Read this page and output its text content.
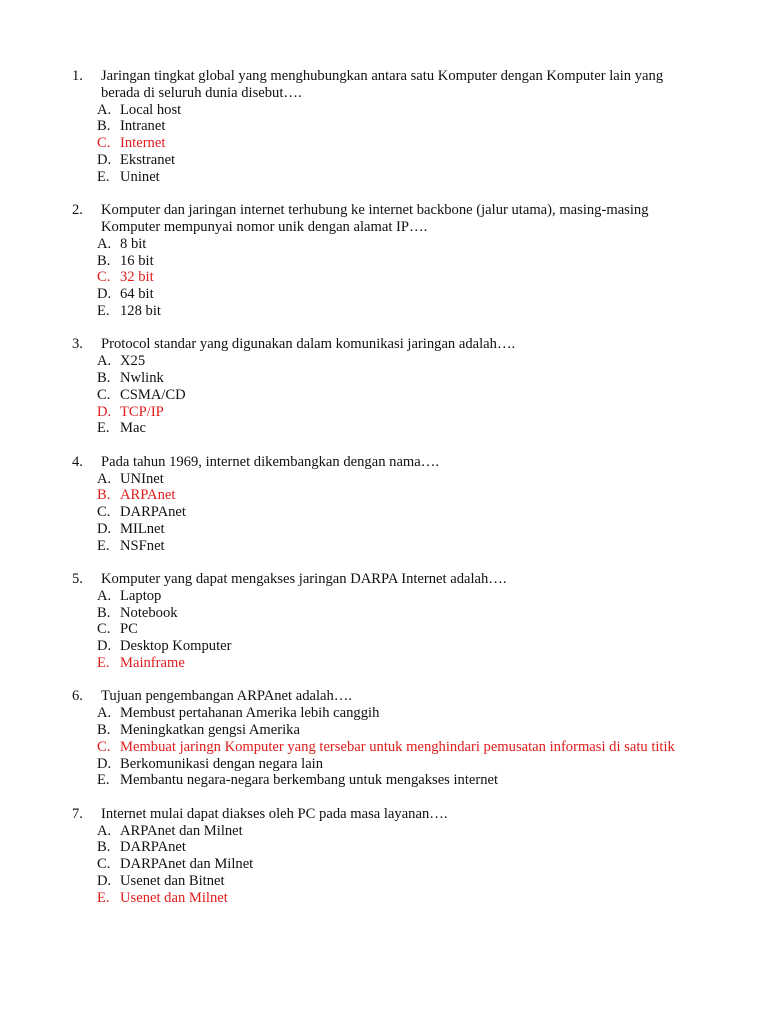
1. Jaringan tingkat global yang menghubungkan antara satu Komputer dengan Komputer lain yang berada di seluruh dunia disebut….
A. Local host
B. Intranet
C. Internet
D. Ekstranet
E. Uninet
2. Komputer dan jaringan internet terhubung ke internet backbone (jalur utama), masing-masing Komputer mempunyai nomor unik dengan alamat IP….
A. 8 bit
B. 16 bit
C. 32 bit
D. 64 bit
E. 128 bit
3. Protocol standar yang digunakan dalam komunikasi jaringan adalah….
A. X25
B. Nwlink
C. CSMA/CD
D. TCP/IP
E. Mac
4. Pada tahun 1969, internet dikembangkan dengan nama….
A. UNInet
B. ARPAnet
C. DARPAnet
D. MILnet
E. NSFnet
5. Komputer yang dapat mengakses jaringan DARPA Internet adalah….
A. Laptop
B. Notebook
C. PC
D. Desktop Komputer
E. Mainframe
6. Tujuan pengembangan ARPAnet adalah….
A. Membust pertahanan Amerika lebih canggih
B. Meningkatkan gengsi Amerika
C. Membuat jaringn Komputer yang tersebar untuk menghindari pemusatan informasi di satu titik
D. Berkomunikasi dengan negara lain
E. Membantu negara-negara berkembang untuk mengakses internet
7. Internet mulai dapat diakses oleh PC pada masa layanan….
A. ARPAnet dan Milnet
B. DARPAnet
C. DARPAnet dan Milnet
D. Usenet dan Bitnet
E. Usenet dan Milnet
